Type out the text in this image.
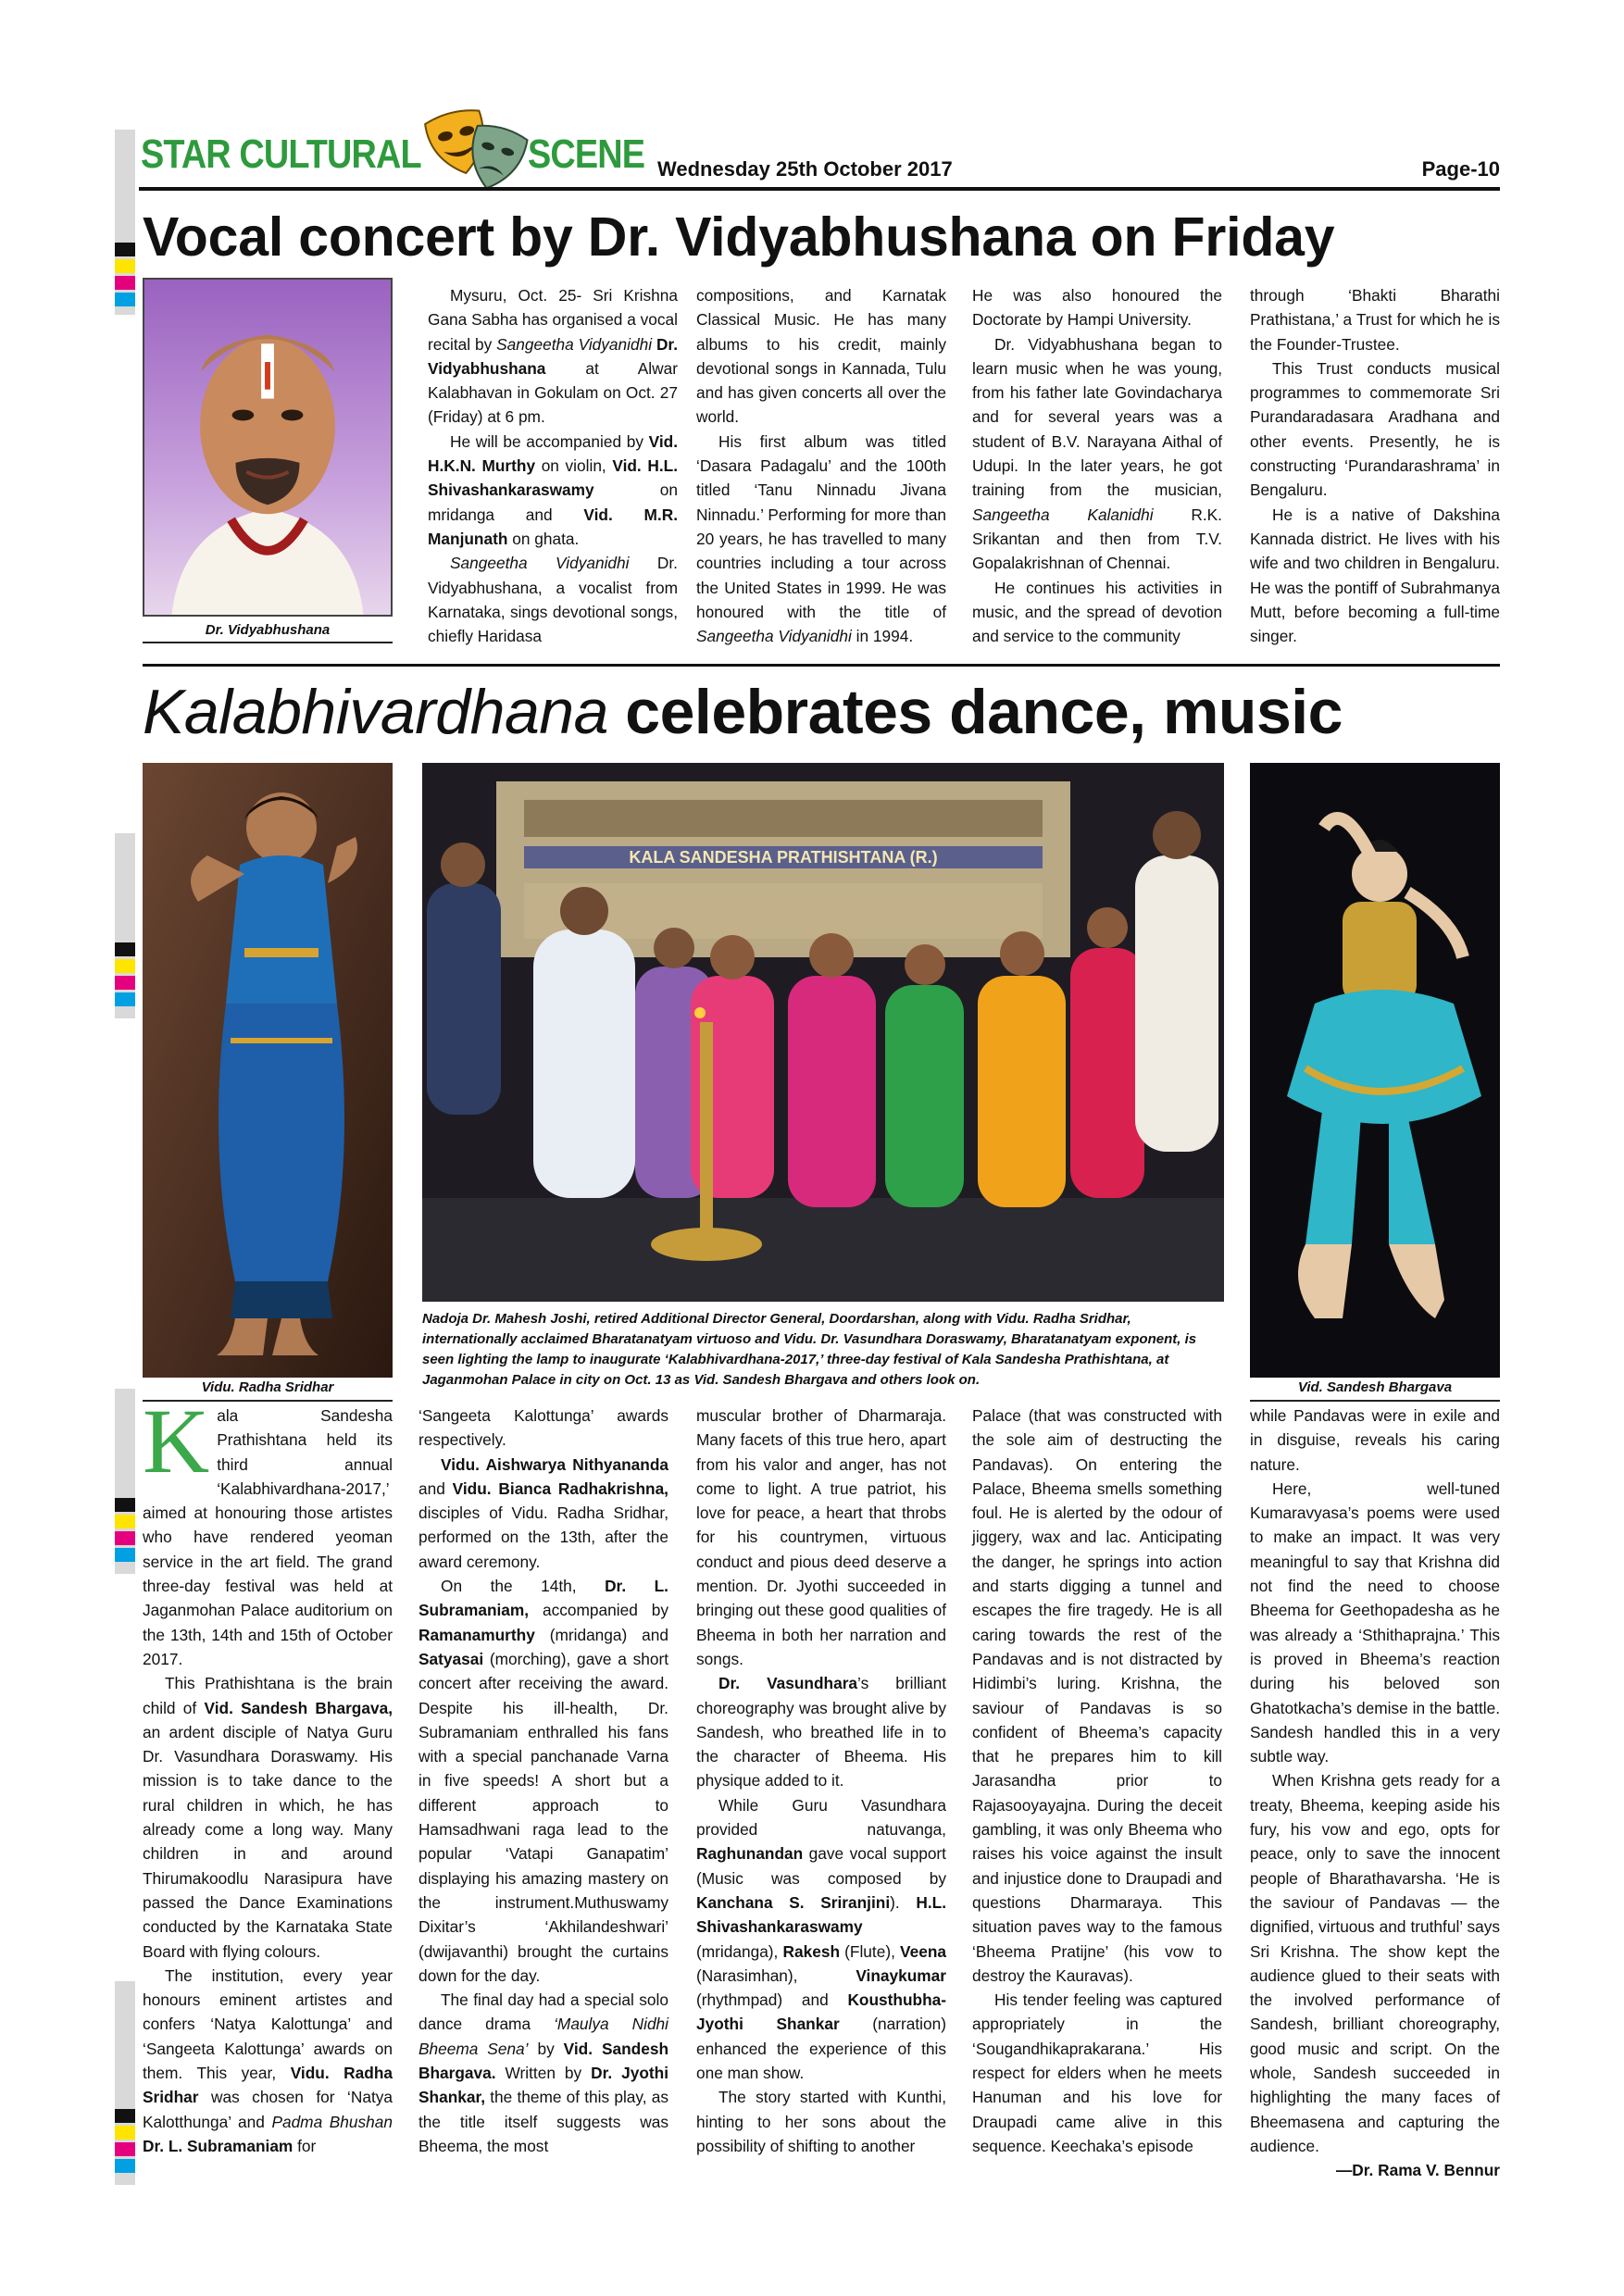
STAR CULTURAL	SCENE Wednesday 25th October 2017	Page-10
Vocal concert by Dr. Vidyabhushana on Friday
Dr. Vidyabhushana

Mysuru, Oct. 25- Sri Krishna Gana Sabha has organised a vocal recital by Sangeetha Vidyanidhi Dr. Vidyabhushana at Alwar Kalabhavan in Gokulam on Oct. 27 (Friday) at 6 pm.

He will be accompanied by Vid. H.K.N. Murthy on violin, Vid. H.L. Shivashankaraswamy on mridanga and Vid. M.R. Manjunath on ghata.

Sangeetha Vidyanidhi Dr. Vidyabhushana, a vocalist from Karnataka, sings devotional songs, chiefly Haridasa

compositions, and Karnatak Classical Music. He has many albums to his credit, mainly devotional songs in Kannada, Tulu and has given concerts all over the world.

His first album was titled ‘Dasara Padagalu’ and the 100th titled ‘Tanu Ninnadu Jivana Ninnadu.’ Performing for more than 20 years, he has travelled to many countries including a tour across the United States in 1999. He was honoured with the title of Sangeetha Vidyanidhi in 1994.

He was also honoured the Doctorate by Hampi University.

Dr. Vidyabhushana began to learn music when he was young, from his father late Govindacharya and for several years was a student of B.V. Narayana Aithal of Udupi. In the later years, he got training from the musician, Sangeetha Kalanidhi R.K. Srikantan and then from T.V. Gopalakrishnan of Chennai.

He continues his activities in music, and the spread of devotion and service to the community

through ‘Bhakti Bharathi Prathistana,’ a Trust for which he is the Founder-Trustee.

This Trust conducts musical programmes to commemorate Sri Purandaradasara Aradhana and other events. Presently, he is constructing ‘Purandarashrama’ in Bengaluru.

He is a native of Dakshina Kannada district. He lives with his wife and two children in Bengaluru. He was the pontiff of Subrahmanya Mutt, before becoming a full-time singer.

Kalabhivardhana celebrates dance, music
KALA SANDESHA PRATHISHTANA (R.)
Vidu. Radha Sridhar
Nadoja Dr. Mahesh Joshi, retired Additional Director General, Doordarshan, along with Vidu. Radha Sridhar, internationally acclaimed Bharatanatyam virtuoso and Vidu. Dr. Vasundhara Doraswamy, Bharatanatyam exponent, is seen lighting the lamp to inaugurate ‘Kalabhivardhana-2017,’ three-day festival of Kala Sandesha Prathishtana, at Jaganmohan Palace in city on Oct. 13 as Vid. Sandesh Bhargava and others look on.	Vid. Sandesh Bhargava

Kala Sandesha Prathishtana held its third annual ‘Kalabhivardhana-2017,’ aimed at honouring those artistes who have rendered yeoman service in the art field. The grand three-day festival was held at Jaganmohan Palace auditorium on the 13th, 14th and 15th of October 2017.

This Prathishtana is the brain child of Vid. Sandesh Bhargava, an ardent disciple of Natya Guru Dr. Vasundhara Doraswamy. His mission is to take dance to the rural children in which, he has already come a long way. Many children in and around Thirumakoodlu Narasipura have passed the Dance Examinations conducted by the Karnataka State Board with flying colours.

The institution, every year honours eminent artistes and confers ‘Natya Kalottunga’ and ‘Sangeeta Kalottunga’ awards on them. This year, Vidu. Radha Sridhar was chosen for ‘Natya Kalotthunga’ and Padma Bhushan Dr. L. Subramaniam for

‘Sangeeta Kalottunga’ awards respectively.

Vidu. Aishwarya Nithyananda and Vidu. Bianca Radhakrishna, disciples of Vidu. Radha Sridhar, performed on the 13th, after the award ceremony.

On the 14th, Dr. L. Subramaniam, accompanied by Ramanamurthy (mridanga) and Satyasai (morching), gave a short concert after receiving the award. Despite his ill-health, Dr. Subramaniam enthralled his fans with a special panchanade Varna in five speeds! A short but a different approach to Hamsadhwani raga lead to the popular ‘Vatapi Ganapatim’ displaying his amazing mastery on the instrument.Muthuswamy Dixitar’s ‘Akhilandeshwari’ (dwijavanthi) brought the curtains down for the day.

The final day had a special solo dance drama ‘Maulya Nidhi Bheema Sena’ by Vid. Sandesh Bhargava. Written by Dr. Jyothi Shankar, the theme of this play, as the title itself suggests was Bheema, the most

muscular brother of Dharmaraja. Many facets of this true hero, apart from his valor and anger, has not come to light. A true patriot, his love for peace, a heart that throbs for his countrymen, virtuous conduct and pious deed deserve a mention. Dr. Jyothi succeeded in bringing out these good qualities of Bheema in both her narration and songs.

Dr. Vasundhara’s brilliant choreography was brought alive by Sandesh, who breathed life in to the character of Bheema. His physique added to it.

While Guru Vasundhara provided natuvanga, Raghunandan gave vocal support (Music was composed by Kanchana S. Sriranjini). H.L. Shivashankaraswamy (mridanga), Rakesh (Flute), Veena (Narasimhan), Vinaykumar (rhythmpad) and Kousthubha-Jyothi Shankar (narration) enhanced the experience of this one man show.

The story started with Kunthi, hinting to her sons about the possibility of shifting to another

Palace (that was constructed with the sole aim of destructing the Pandavas). On entering the Palace, Bheema smells something foul. He is alerted by the odour of jiggery, wax and lac. Anticipating the danger, he springs into action and starts digging a tunnel and escapes the fire tragedy. He is all caring towards the rest of the Pandavas and is not distracted by Hidimbi’s luring. Krishna, the saviour of Pandavas is so confident of Bheema’s capacity that he prepares him to kill Jarasandha prior to Rajasooyayajna. During the deceit gambling, it was only Bheema who raises his voice against the insult and injustice done to Draupadi and questions Dharmaraya. This situation paves way to the famous ‘Bheema Pratijne’ (his vow to destroy the Kauravas).

His tender feeling was captured appropriately in the ‘Sougandhikaprakarana.’ His respect for elders when he meets Hanuman and his love for Draupadi came alive in this sequence. Keechaka’s episode

while Pandavas were in exile and in disguise, reveals his caring nature.

Here, well-tuned Kumaravyasa’s poems were used to make an impact. It was very meaningful to say that Krishna did not find the need to choose Bheema for Geethopadesha as he was already a ‘Sthithaprajna.’ This is proved in Bheema’s reaction during his beloved son Ghatotkacha’s demise in the battle. Sandesh handled this in a very subtle way.

When Krishna gets ready for a treaty, Bheema, keeping aside his fury, his vow and ego, opts for peace, only to save the innocent people of Bharathavarsha. ‘He is the saviour of Pandavas — the dignified, virtuous and truthful’ says Sri Krishna. The show kept the audience glued to their seats with the involved performance of Sandesh, brilliant choreography, good music and script. On the whole, Sandesh succeeded in highlighting the many faces of Bheemasena and capturing the audience.

—Dr. Rama V. Bennur
